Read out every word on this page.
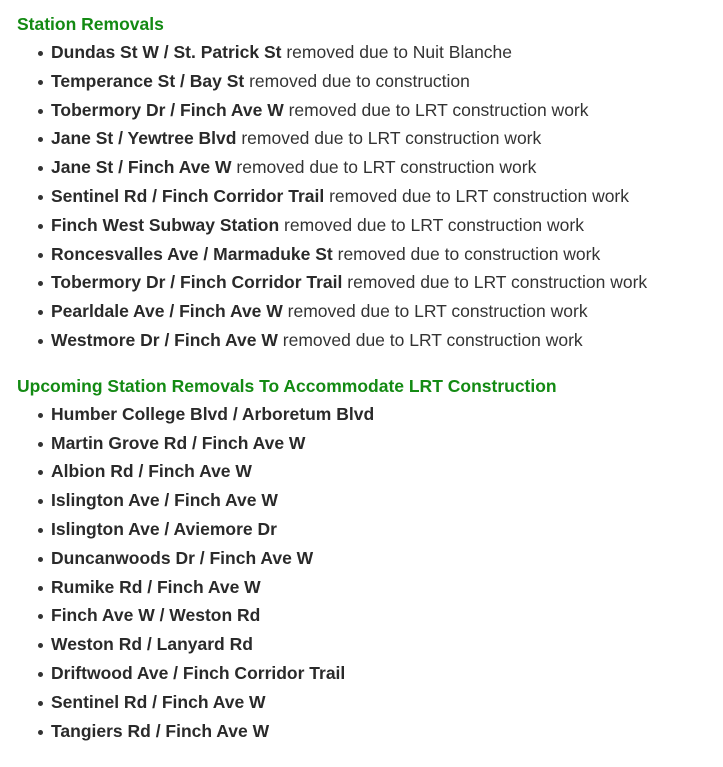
Station Removals
Dundas St W / St. Patrick St removed due to Nuit Blanche
Temperance St / Bay St removed due to construction
Tobermory Dr / Finch Ave W removed due to LRT construction work
Jane St / Yewtree Blvd removed due to LRT construction work
Jane St / Finch Ave W removed due to LRT construction work
Sentinel Rd / Finch Corridor Trail removed due to LRT construction work
Finch West Subway Station removed due to LRT construction work
Roncesvalles Ave / Marmaduke St removed due to construction work
Tobermory Dr / Finch Corridor Trail removed due to LRT construction work
Pearldale Ave / Finch Ave W removed due to LRT construction work
Westmore Dr / Finch Ave W removed due to LRT construction work
Upcoming Station Removals To Accommodate LRT Construction
Humber College Blvd / Arboretum Blvd
Martin Grove Rd / Finch Ave W
Albion Rd / Finch Ave W
Islington Ave / Finch Ave W
Islington Ave / Aviemore Dr
Duncanwoods Dr / Finch Ave W
Rumike Rd / Finch Ave W
Finch Ave W / Weston Rd
Weston Rd / Lanyard Rd
Driftwood Ave / Finch Corridor Trail
Sentinel Rd / Finch Ave W
Tangiers Rd / Finch Ave W
